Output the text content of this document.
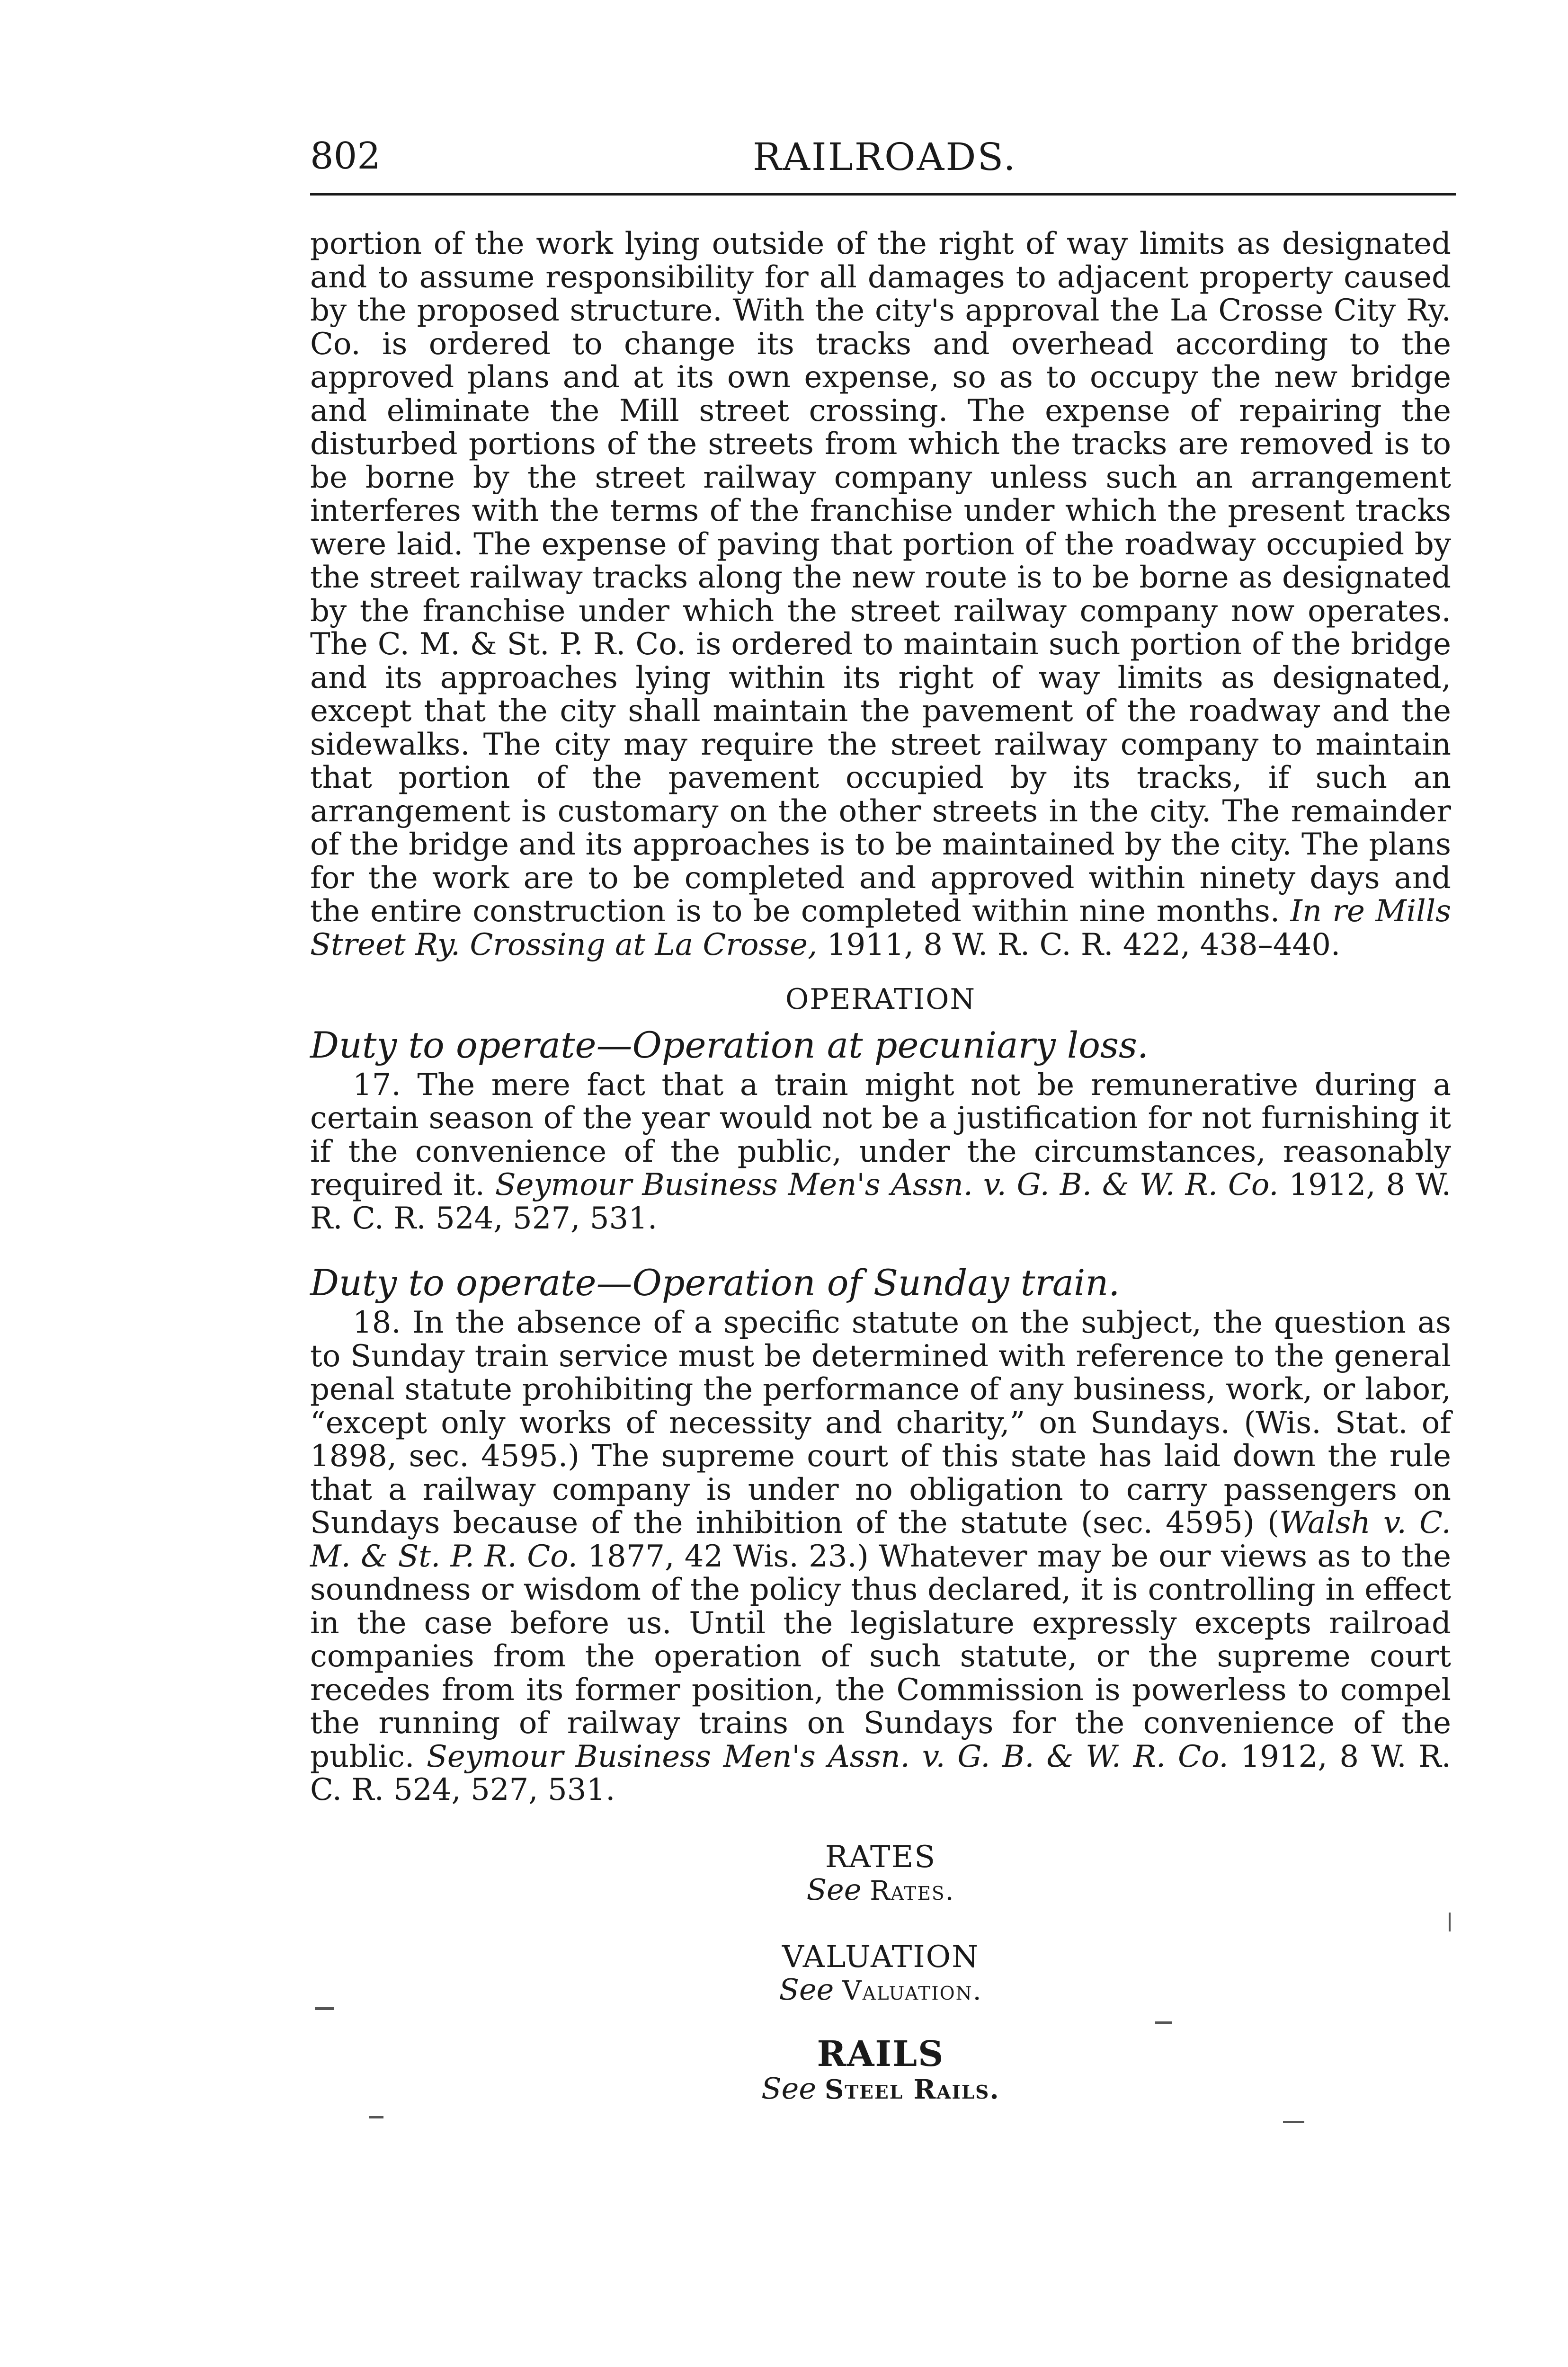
802	RAILROADS.

portion of the work lying outside of the right of way limits as designated and to assume responsibility for all damages to adjacent property caused by the proposed structure. With the city's approval the La Crosse City Ry. Co. is ordered to change its tracks and overhead according to the approved plans and at its own expense, so as to occupy the new bridge and eliminate the Mill street crossing. The expense of repairing the disturbed portions of the streets from which the tracks are removed is to be borne by the street railway company unless such an arrangement interferes with the terms of the franchise under which the present tracks were laid. The expense of paving that portion of the roadway occupied by the street railway tracks along the new route is to be borne as designated by the franchise under which the street railway company now operates. The C. M. & St. P. R. Co. is ordered to maintain such portion of the bridge and its approaches lying within its right of way limits as designated, except that the city shall maintain the pavement of the roadway and the sidewalks. The city may require the street railway company to maintain that portion of the pavement occupied by its tracks, if such an arrangement is customary on the other streets in the city. The remainder of the bridge and its approaches is to be maintained by the city. The plans for the work are to be completed and approved within ninety days and the entire construction is to be completed within nine months. In re Mills Street Ry. Crossing at La Crosse, 1911, 8 W. R. C. R. 422, 438–440.

OPERATION
Duty to operate—Operation at pecuniary loss.

17. The mere fact that a train might not be remunerative during a certain season of the year would not be a justification for not furnishing it if the convenience of the public, under the circumstances, reasonably required it. Seymour Business Men's Assn. v. G. B. & W. R. Co. 1912, 8 W. R. C. R. 524, 527, 531.

Duty to operate—Operation of Sunday train.

18. In the absence of a specific statute on the subject, the question as to Sunday train service must be determined with reference to the general penal statute prohibiting the performance of any business, work, or labor, “except only works of necessity and charity,” on Sundays. (Wis. Stat. of 1898, sec. 4595.) The supreme court of this state has laid down the rule that a railway company is under no obligation to carry passengers on Sundays because of the inhibition of the statute (sec. 4595) (Walsh v. C. M. & St. P. R. Co. 1877, 42 Wis. 23.) Whatever may be our views as to the soundness or wisdom of the policy thus declared, it is controlling in effect in the case before us. Until the legislature expressly excepts railroad companies from the operation of such statute, or the supreme court recedes from its former position, the Commission is powerless to compel the running of railway trains on Sundays for the convenience of the public. Seymour Business Men's Assn. v. G. B. & W. R. Co. 1912, 8 W. R. C. R. 524, 527, 531.

RATES
See Rates.
VALUATION
See Valuation.
RAILS
See Steel Rails.
